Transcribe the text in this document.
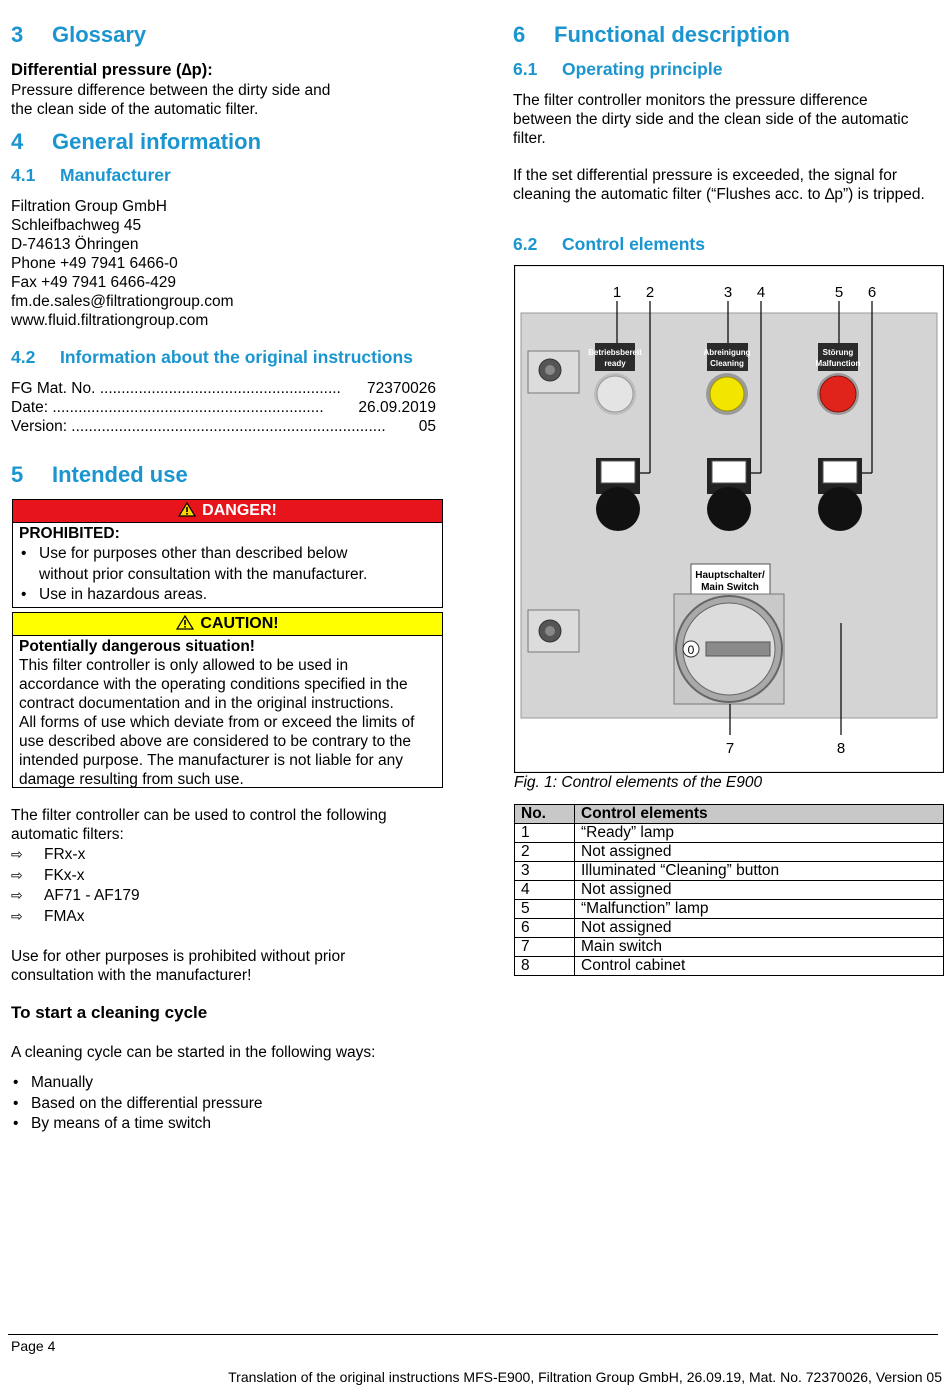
3 Glossary
Differential pressure (∆p):
Pressure difference between the dirty side and
the clean side of the automatic filter.
4 General information
4.1 Manufacturer
Filtration Group GmbH
Schleifbachweg 45
D-74613 Öhringen
Phone +49 7941 6466-0
Fax +49 7941 6466-429
fm.de.sales@filtrationgroup.com
www.fluid.filtrationgroup.com
4.2 Information about the original instructions
FG Mat. No. ........................................................ 72370026
Date: ............................................................... 26.09.2019
Version: ......................................................................... 05
5 Intended use
DANGER!
PROHIBITED:
• Use for purposes other than described below without prior consultation with the manufacturer.
• Use in hazardous areas.
CAUTION!
Potentially dangerous situation!
This filter controller is only allowed to be used in
accordance with the operating conditions specified in the
contract documentation and in the original instructions.
All forms of use which deviate from or exceed the limits of
use described above are considered to be contrary to the
intended purpose. The manufacturer is not liable for any
damage resulting from such use.
The filter controller can be used to control the following
automatic filters:
⇨ FRx-x
⇨ FKx-x
⇨ AF71 - AF179
⇨ FMAx
Use for other purposes is prohibited without prior
consultation with the manufacturer!
To start a cleaning cycle
A cleaning cycle can be started in the following ways:
• Manually
• Based on the differential pressure
• By means of a time switch
6 Functional description
6.1 Operating principle
The filter controller monitors the pressure difference
between the dirty side and the clean side of the automatic
filter.
If the set differential pressure is exceeded, the signal for
cleaning the automatic filter (“Flushes acc. to ∆p”) is tripped.
6.2 Control elements
Betriebsbereit
ready
Abreinigung
Cleaning
Störung
Malfunction
Hauptschalter/
Main Switch
0
1 2	3 4	5 6
7	8
Fig. 1: Control elements of the E900
No.	Control elements
1	“Ready” lamp
2	Not assigned
3	Illuminated “Cleaning” button
4	Not assigned
5	“Malfunction” lamp
6	Not assigned
7	Main switch
8	Control cabinet
Page 4
Translation of the original instructions MFS-E900, Filtration Group GmbH, 26.09.19, Mat. No. 72370026, Version 05
